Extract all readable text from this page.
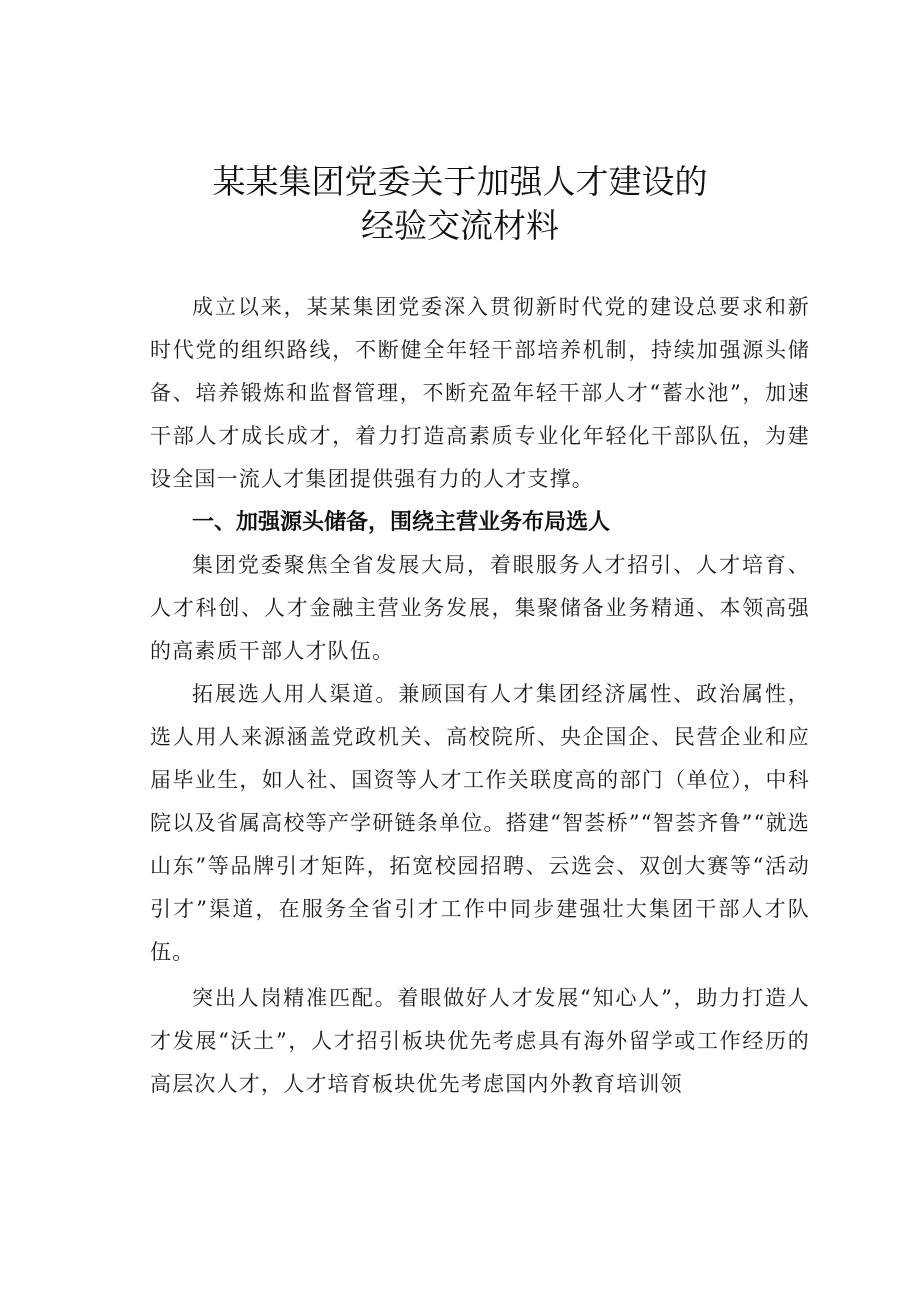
某某集团党委关于加强人才建设的
经验交流材料

成立以来，某某集团党委深入贯彻新时代党的建设总要求和新时代党的组织路线，不断健全年轻干部培养机制，持续加强源头储备、培养锻炼和监督管理，不断充盈年轻干部人才“蓄水池”，加速干部人才成长成才，着力打造高素质专业化年轻化干部队伍，为建设全国一流人才集团提供强有力的人才支撑。

一、加强源头储备，围绕主营业务布局选人

集团党委聚焦全省发展大局，着眼服务人才招引、人才培育、人才科创、人才金融主营业务发展，集聚储备业务精通、本领高强的高素质干部人才队伍。

拓展选人用人渠道。兼顾国有人才集团经济属性、政治属性，选人用人来源涵盖党政机关、高校院所、央企国企、民营企业和应届毕业生，如人社、国资等人才工作关联度高的部门（单位），中科院以及省属高校等产学研链条单位。搭建“智荟桥”“智荟齐鲁”“就选山东”等品牌引才矩阵，拓宽校园招聘、云选会、双创大赛等“活动引才”渠道，在服务全省引才工作中同步建强壮大集团干部人才队伍。

突出人岗精准匹配。着眼做好人才发展“知心人”，助力打造人才发展“沃土”，人才招引板块优先考虑具有海外留学或工作经历的高层次人才，人才培育板块优先考虑国内外教育培训领
